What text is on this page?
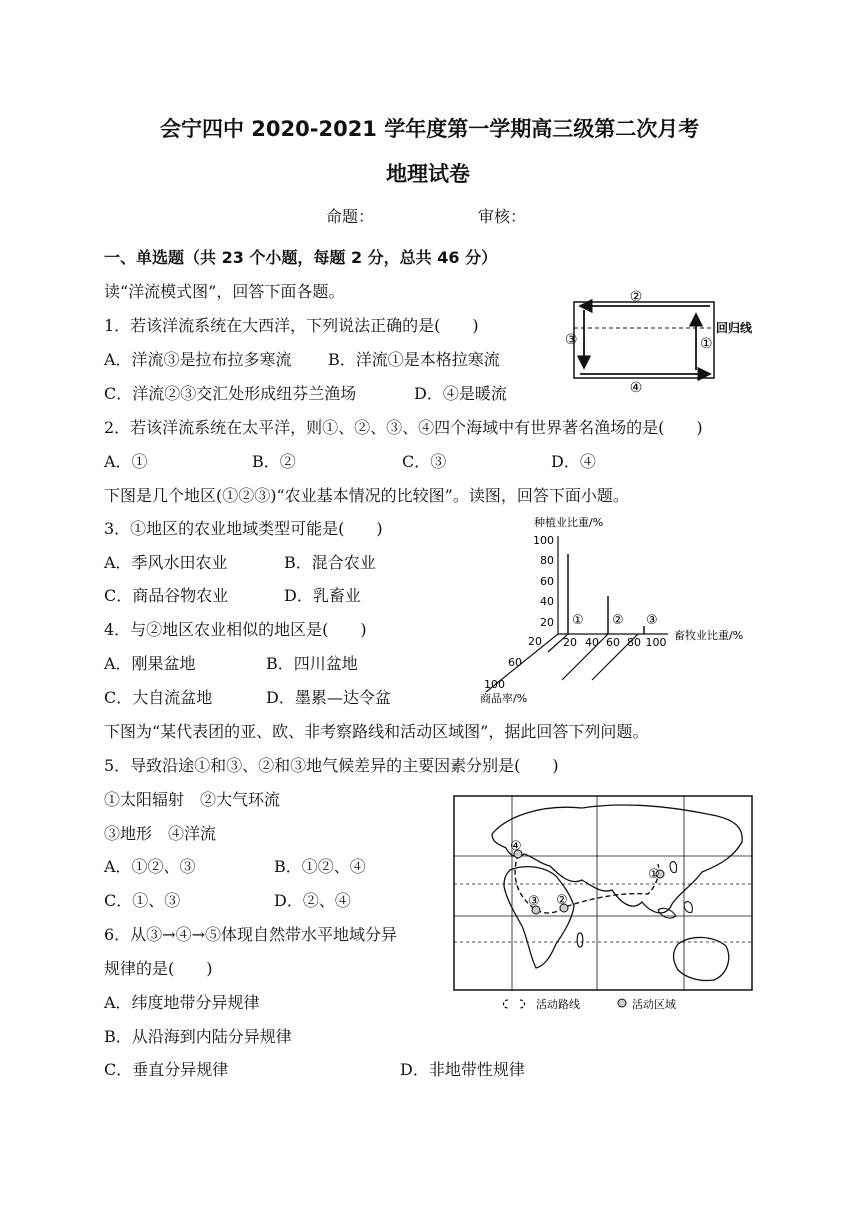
会宁四中 2020-2021 学年度第一学期高三级第二次月考
地理试卷
命题：	审核：
一、单选题（共 23 个小题，每题 2 分，总共 46 分）
读“洋流模式图”，回答下面各题。
1．若该洋流系统在大西洋，下列说法正确的是(　　)
A．洋流③是拉布拉多寒流 B．洋流①是本格拉寒流
C．洋流②③交汇处形成纽芬兰渔场	D．④是暖流
2．若该洋流系统在太平洋，则①、②、③、④四个海域中有世界著名渔场的是(　　)
A．①	B．②	C．③	D．④
下图是几个地区(①②③)“农业基本情况的比较图”。读图，回答下面小题。
3．①地区的农业地域类型可能是(　　)
A．季风水田农业	B．混合农业
C．商品谷物农业	D．乳畜业
4．与②地区农业相似的地区是(　　)
A．刚果盆地	B．四川盆地
C．大自流盆地	D．墨累—达令盆
下图为“某代表团的亚、欧、非考察路线和活动区域图”，据此回答下列问题。
5．导致沿途①和③、②和③地气候差异的主要因素分别是(　　)
①太阳辐射　②大气环流
③地形　④洋流
A．①②、③	B．①②、④
C．①、③	D．②、④
6．从③→④→⑤体现自然带水平地域分异
规律的是(　　)
A．纬度地带分异规律
B．从沿海到内陆分异规律
C．垂直分异规律	D．非地带性规律
②
③	①
④
回归线
种植业比重/%
100
80
60
40
20
20 40 60 80 100
畜牧业比重/%
20
60
100
商品率/%
① ② ③
①
②
③
④
活动路线	活动区域
